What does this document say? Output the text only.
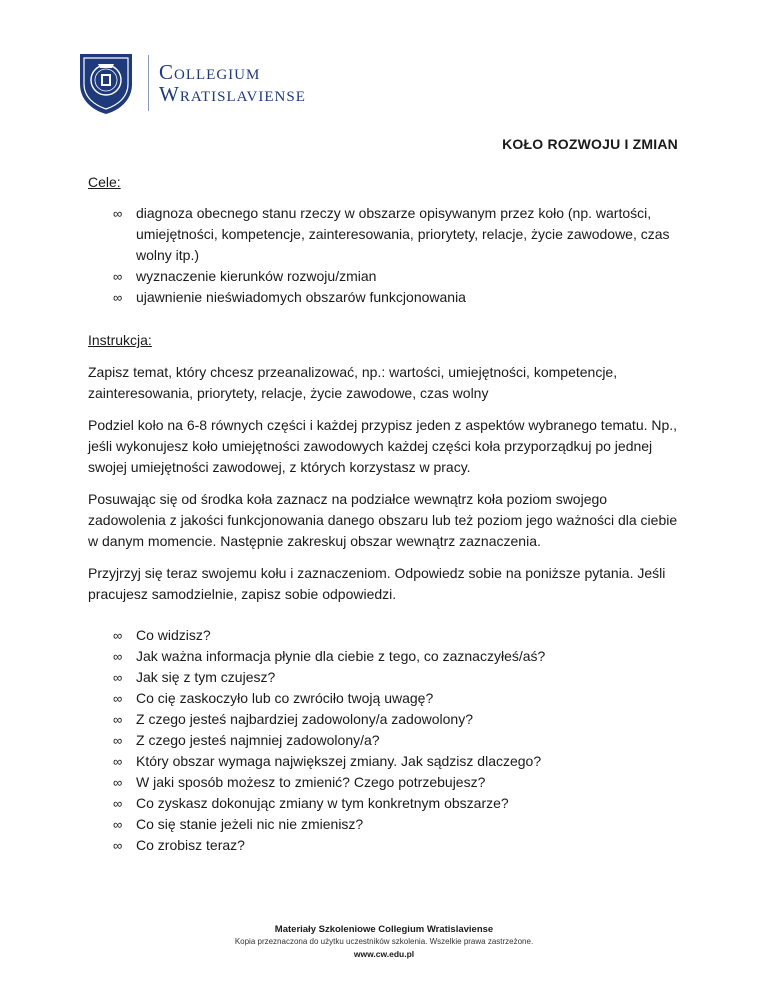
Collegium
Wratislaviense
KOŁO ROZWOJU I ZMIAN

Cele:

∞ diagnoza obecnego stanu rzeczy w obszarze opisywanym przez koło (np. wartości, umiejętności, kompetencje, zainteresowania, priorytety, relacje, życie zawodowe, czas wolny itp.)
∞ wyznaczenie kierunków rozwoju/zmian
∞ ujawnienie nieświadomych obszarów funkcjonowania

Instrukcja:

Zapisz temat, który chcesz przeanalizować, np.: wartości, umiejętności, kompetencje, zainteresowania, priorytety, relacje, życie zawodowe, czas wolny

Podziel koło na 6-8 równych części i każdej przypisz jeden z aspektów wybranego tematu. Np., jeśli wykonujesz koło umiejętności zawodowych każdej części koła przyporządkuj po jednej swojej umiejętności zawodowej, z których korzystasz w pracy.

Posuwając się od środka koła zaznacz na podziałce wewnątrz koła poziom swojego zadowolenia z jakości funkcjonowania danego obszaru lub też poziom jego ważności dla ciebie w danym momencie. Następnie zakreskuj obszar wewnątrz zaznaczenia.

Przyjrzyj się teraz swojemu kołu i zaznaczeniom. Odpowiedz sobie na poniższe pytania. Jeśli pracujesz samodzielnie, zapisz sobie odpowiedzi.

∞ Co widzisz?
∞ Jak ważna informacja płynie dla ciebie z tego, co zaznaczyłeś/aś?
∞ Jak się z tym czujesz?
∞ Co cię zaskoczyło lub co zwróciło twoją uwagę?
∞ Z czego jesteś najbardziej zadowolony/a zadowolony?
∞ Z czego jesteś najmniej zadowolony/a?
∞ Który obszar wymaga największej zmiany. Jak sądzisz dlaczego?
∞ W jaki sposób możesz to zmienić? Czego potrzebujesz?
∞ Co zyskasz dokonując zmiany w tym konkretnym obszarze?
∞ Co się stanie jeżeli nic nie zmienisz?
∞ Co zrobisz teraz?
Materiały Szkoleniowe Collegium Wratislaviense
Kopia przeznaczona do użytku uczestników szkolenia. Wszelkie prawa zastrzeżone.
www.cw.edu.pl
